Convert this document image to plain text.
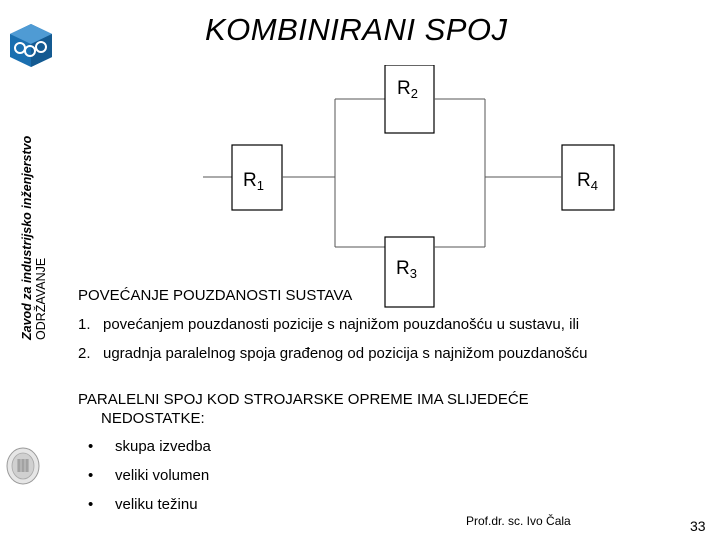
KOMBINIRANI SPOJ
Zavod za industrijsko inženjerstvo ODRŽAVANJE
$R_2$
$R_1$	$R_4$
$R_3$
POVEĆANJE POUZDANOSTI SUSTAVA
1. povećanjem pouzdanosti pozicije s najnižom pouzdanošću u sustavu, ili
2. ugradnja paralelnog spoja građenog od pozicija s najnižom pouzdanošću
PARALELNI SPOJ KOD STROJARSKE OPREME IMA SLIJEDEĆE
NEDOSTATKE:
• skupa izvedba
• veliki volumen
• veliku težinu
Prof.dr. sc. Ivo Čala	33
